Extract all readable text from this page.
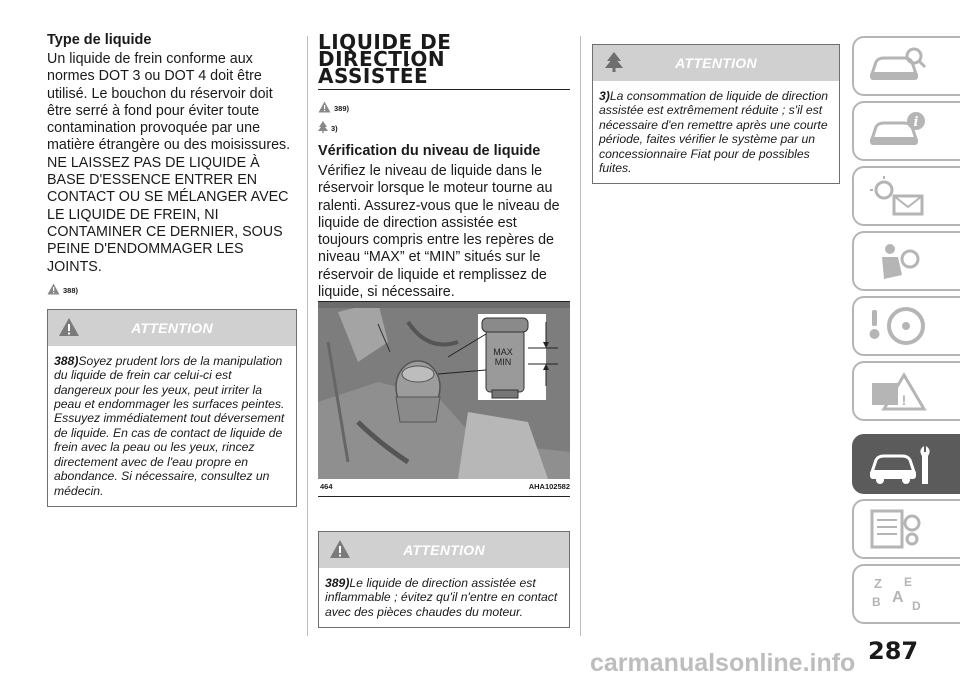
Type de liquide

Un liquide de frein conforme aux normes DOT 3 ou DOT 4 doit être utilisé. Le bouchon du réservoir doit être serré à fond pour éviter toute contamination provoquée par une matière étrangère ou des moisissures. NE LAISSEZ PAS DE LIQUIDE À BASE D'ESSENCE ENTRER EN CONTACT OU SE MÉLANGER AVEC LE LIQUIDE DE FREIN, NI CONTAMINER CE DERNIER, SOUS PEINE D'ENDOMMAGER LES JOINTS.

388)
ATTENTION
388)Soyez prudent lors de la manipulation du liquide de frein car celui-ci est dangereux pour les yeux, peut irriter la peau et endommager les surfaces peintes. Essuyez immédiatement tout déversement de liquide. En cas de contact de liquide de frein avec la peau ou les yeux, rincez directement avec de l'eau propre en abondance. Si nécessaire, consultez un médecin.
LIQUIDE DE
DIRECTION
ASSISTÉE
389)
3)
Vérification du niveau de liquide

Vérifiez le niveau de liquide dans le réservoir lorsque le moteur tourne au ralenti. Assurez-vous que le niveau de liquide de direction assistée est toujours compris entre les repères de niveau “MAX” et “MIN” situés sur le réservoir de liquide et remplissez de liquide, si nécessaire.

MAX
MIN
464	AHA102582
ATTENTION
389)Le liquide de direction assistée est inflammable ; évitez qu'il n'entre en contact avec des pièces chaudes du moteur.
ATTENTION
3)La consommation de liquide de direction assistée est extrêmement réduite ; s'il est nécessaire d'en remettre après une courte période, faites vérifier le système par un concessionnaire Fiat pour de possibles fuites.
i
!
Z E
B A D
287
carmanualsonline.info
